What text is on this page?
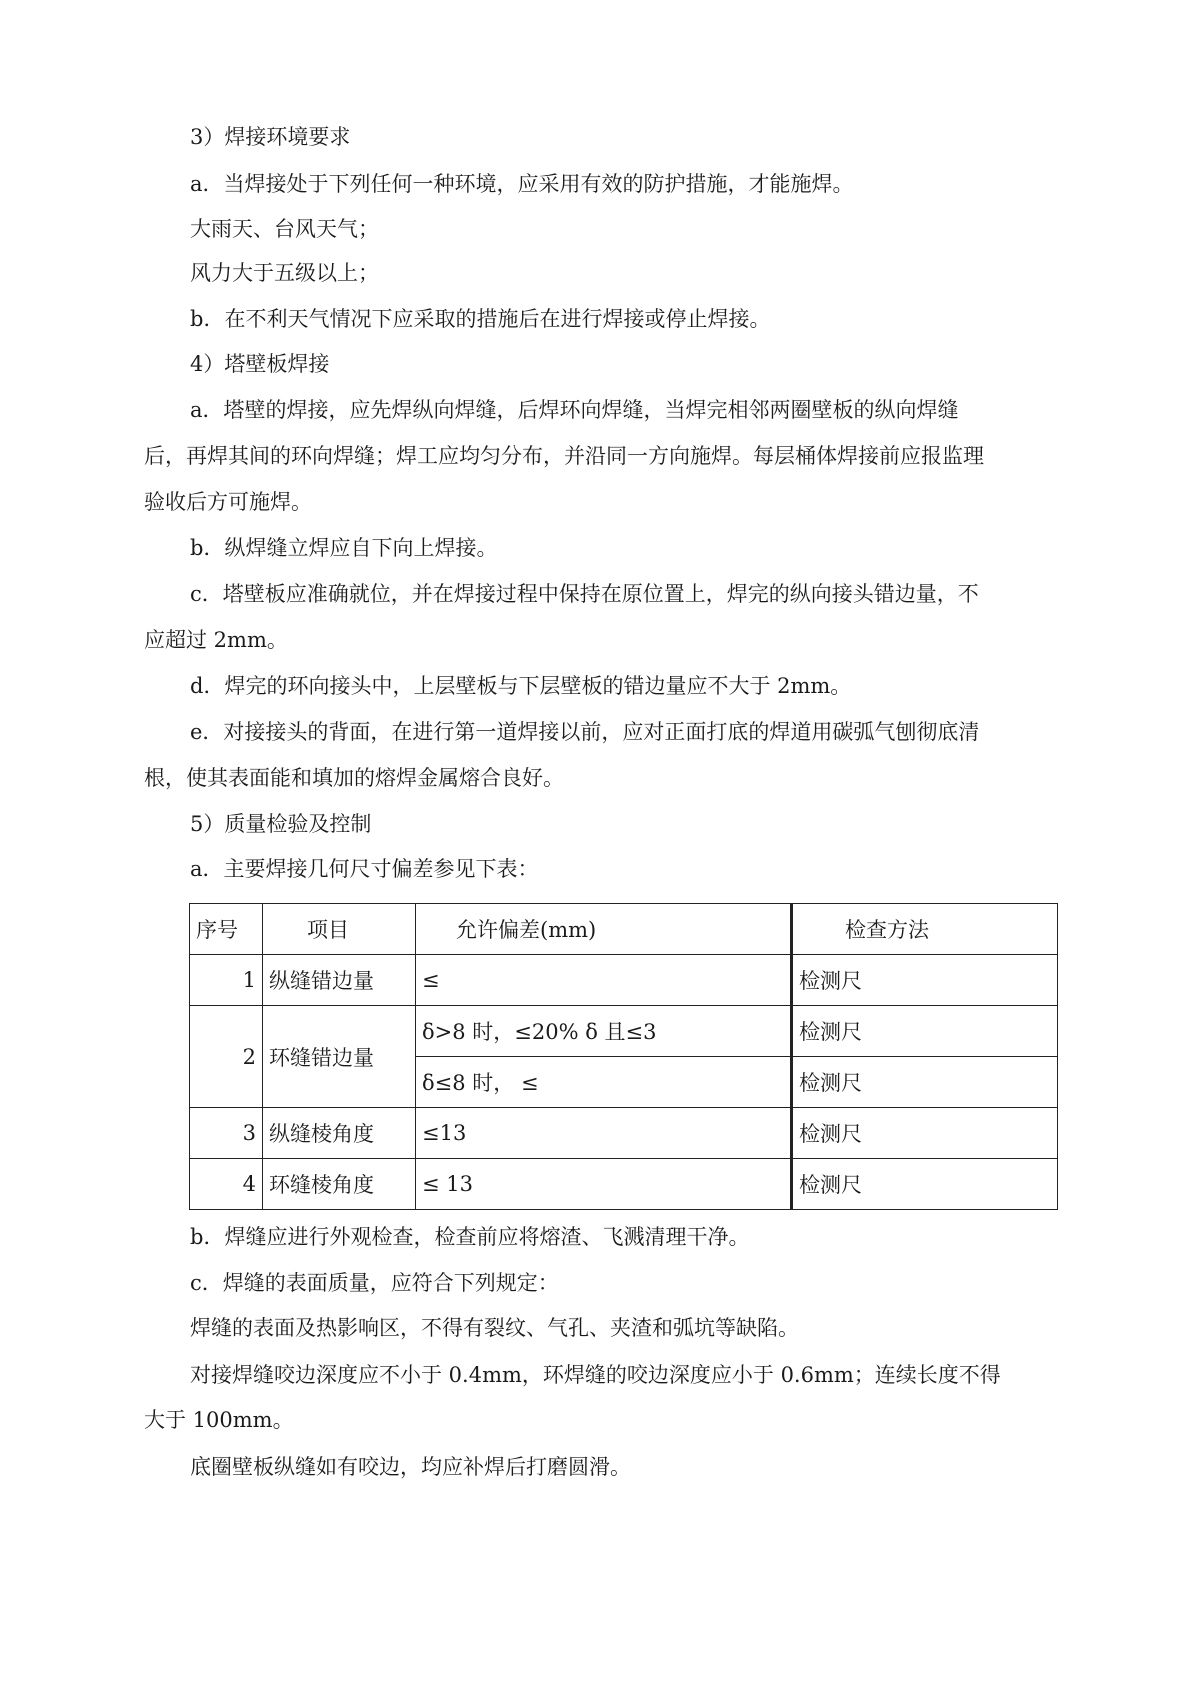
3）焊接环境要求
a．当焊接处于下列任何一种环境，应采用有效的防护措施，才能施焊。
大雨天、台风天气；
风力大于五级以上；
b．在不利天气情况下应采取的措施后在进行焊接或停止焊接。
4）塔壁板焊接
a．塔壁的焊接，应先焊纵向焊缝，后焊环向焊缝，当焊完相邻两圈壁板的纵向焊缝
后，再焊其间的环向焊缝；焊工应均匀分布，并沿同一方向施焊。每层桶体焊接前应报监理
验收后方可施焊。
b．纵焊缝立焊应自下向上焊接。
c．塔壁板应准确就位，并在焊接过程中保持在原位置上，焊完的纵向接头错边量，不
应超过 2mm。
d．焊完的环向接头中，上层壁板与下层壁板的错边量应不大于 2mm。
e．对接接头的背面，在进行第一道焊接以前，应对正面打底的焊道用碳弧气刨彻底清
根，使其表面能和填加的熔焊金属熔合良好。
5）质量检验及控制
a．主要焊接几何尺寸偏差参见下表：
序号	项目	允许偏差(mm)	检查方法
1	纵缝错边量	≤	检测尺
2	环缝错边量	δ>8 时，≤20% δ 且≤3	检测尺
		δ≤8 时， ≤	检测尺
3	纵缝棱角度	≤13	检测尺
4	环缝棱角度	≤ 13	检测尺
b．焊缝应进行外观检查，检查前应将熔渣、飞溅清理干净。
c．焊缝的表面质量，应符合下列规定：
焊缝的表面及热影响区，不得有裂纹、气孔、夹渣和弧坑等缺陷。
对接焊缝咬边深度应不小于 0.4mm，环焊缝的咬边深度应小于 0.6mm；连续长度不得
大于 100mm。
底圈壁板纵缝如有咬边，均应补焊后打磨圆滑。
